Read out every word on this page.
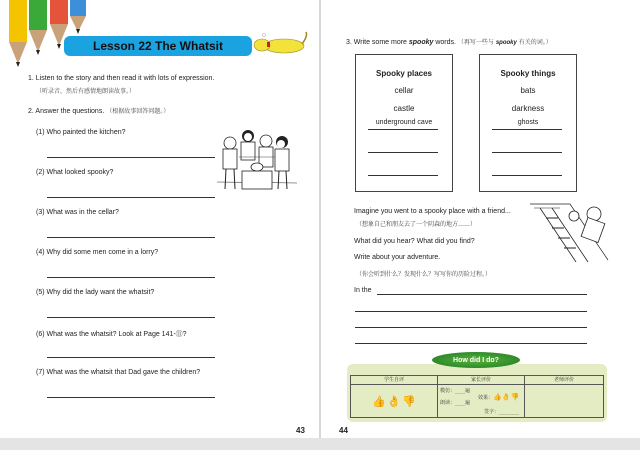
Lesson 22 The Whatsit
1. Listen to the story and then read it with lots of expression.
（听录音，然后有感情地朗读故事。）
2. Answer the questions. （根据故事回答问题。）
(1) Who painted the kitchen?
(2) What looked spooky?
(3) What was in the cellar?
(4) Why did some men come in a lorry?
(5) Why did the lady want the whatsit?
(6) What was the whatsit? Look at Page 141-⑪?
(7) What was the whatsit that Dad gave the children?
43
3. Write some more spooky words. （再写一些与 spooky 有关的词。）
Spooky places
cellar
castle
underground cave
Spooky things
bats
darkness
ghosts
Imagine you went to a spooky place with a friend...
（想象自己和朋友去了一个阴森的地方……）
What did you hear? What did you find?
Write about your adventure.
（你会听到什么？发现什么？写写你的历险过程。）
In the
How did I do?
学生自评	家长评价	老师评价
👍 👌 👎	模仿：____遍
朗读：____遍
效果：👍👌👎
签字：________	

44
